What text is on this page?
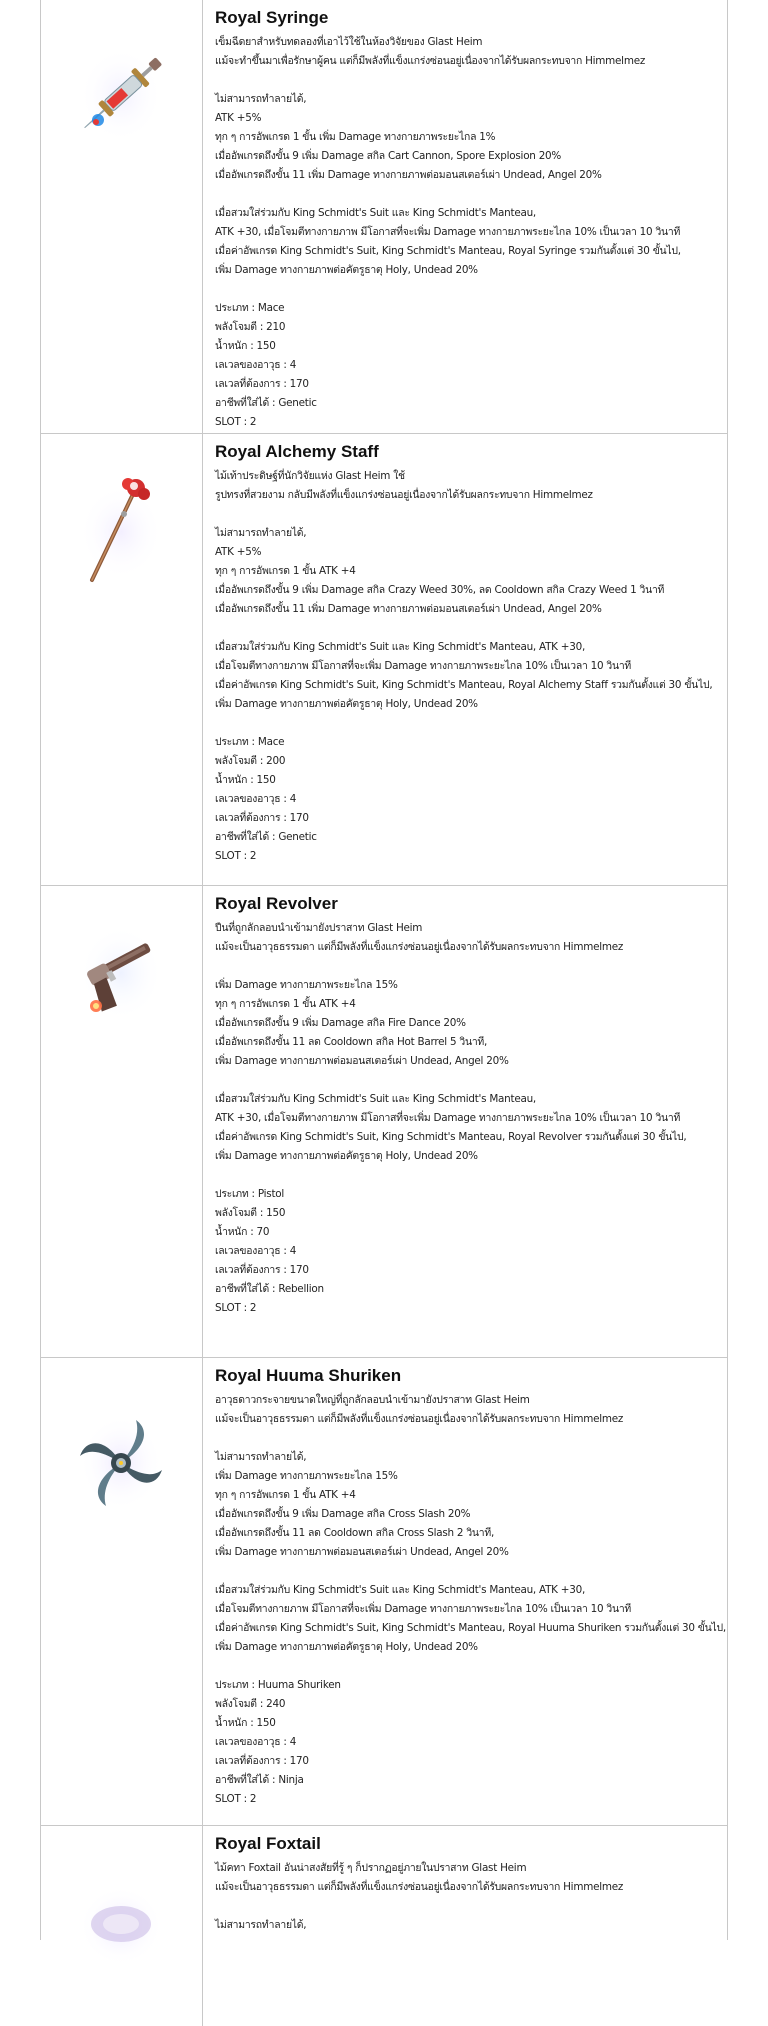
Royal Syringe
เข็มฉีดยาสำหรับทดลองที่เอาไว้ใช้ในห้องวิจัยของ Glast Heim
แม้จะทำขึ้นมาเพื่อรักษาผู้คน แต่ก็มีพลังที่แข็งแกร่งซ่อนอยู่เนื่องจากได้รับผลกระทบจาก Himmelmez
ไม่สามารถทำลายได้,
ATK +5%
ทุก ๆ การอัพเกรด 1 ขั้น เพิ่ม Damage ทางกายภาพระยะไกล 1%
เมื่ออัพเกรดถึงขั้น 9 เพิ่ม Damage สกิล Cart Cannon, Spore Explosion 20%
เมื่ออัพเกรดถึงขั้น 11 เพิ่ม Damage ทางกายภาพต่อมอนสเตอร์เผ่า Undead, Angel 20%
เมื่อสวมใส่ร่วมกับ King Schmidt's Suit และ King Schmidt's Manteau,
ATK +30, เมื่อโจมตีทางกายภาพ มีโอกาสที่จะเพิ่ม Damage ทางกายภาพระยะไกล 10% เป็นเวลา 10 วินาที
เมื่อค่าอัพเกรด King Schmidt's Suit, King Schmidt's Manteau, Royal Syringe รวมกันตั้งแต่ 30 ขั้นไป,
เพิ่ม Damage ทางกายภาพต่อคัตรูธาตุ Holy, Undead 20%
ประเภท : Mace
พลังโจมตี : 210
น้ำหนัก : 150
เลเวลของอาวุธ : 4
เลเวลที่ต้องการ : 170
อาชีพที่ใส่ได้ : Genetic
SLOT : 2
Royal Alchemy Staff
ไม้เท้าประดิษฐ์ที่นักวิจัยแห่ง Glast Heim ใช้
รูปทรงที่สวยงาม กลับมีพลังที่แข็งแกร่งซ่อนอยู่เนื่องจากได้รับผลกระทบจาก Himmelmez
ไม่สามารถทำลายได้,
ATK +5%
ทุก ๆ การอัพเกรด 1 ขั้น ATK +4
เมื่ออัพเกรดถึงขั้น 9 เพิ่ม Damage สกิล Crazy Weed 30%, ลด Cooldown สกิล Crazy Weed 1 วินาที
เมื่ออัพเกรดถึงขั้น 11 เพิ่ม Damage ทางกายภาพต่อมอนสเตอร์เผ่า Undead, Angel 20%
เมื่อสวมใส่ร่วมกับ King Schmidt's Suit และ King Schmidt's Manteau, ATK +30,
เมื่อโจมตีทางกายภาพ มีโอกาสที่จะเพิ่ม Damage ทางกายภาพระยะไกล 10% เป็นเวลา 10 วินาที
เมื่อค่าอัพเกรด King Schmidt's Suit, King Schmidt's Manteau, Royal Alchemy Staff รวมกันตั้งแต่ 30 ขั้นไป,
เพิ่ม Damage ทางกายภาพต่อคัตรูธาตุ Holy, Undead 20%
ประเภท : Mace
พลังโจมตี : 200
น้ำหนัก : 150
เลเวลของอาวุธ : 4
เลเวลที่ต้องการ : 170
อาชีพที่ใส่ได้ : Genetic
SLOT : 2
Royal Revolver
ปืนที่ถูกลักลอบนำเข้ามายังปราสาท Glast Heim
แม้จะเป็นอาวุธธรรมดา แต่ก็มีพลังที่แข็งแกร่งซ่อนอยู่เนื่องจากได้รับผลกระทบจาก Himmelmez
เพิ่ม Damage ทางกายภาพระยะไกล 15%
ทุก ๆ การอัพเกรด 1 ขั้น ATK +4
เมื่ออัพเกรดถึงขั้น 9 เพิ่ม Damage สกิล Fire Dance 20%
เมื่ออัพเกรดถึงขั้น 11 ลด Cooldown สกิล Hot Barrel 5 วินาที,
เพิ่ม Damage ทางกายภาพต่อมอนสเตอร์เผ่า Undead, Angel 20%
เมื่อสวมใส่ร่วมกับ King Schmidt's Suit และ King Schmidt's Manteau,
ATK +30, เมื่อโจมตีทางกายภาพ มีโอกาสที่จะเพิ่ม Damage ทางกายภาพระยะไกล 10% เป็นเวลา 10 วินาที
เมื่อค่าอัพเกรด King Schmidt's Suit, King Schmidt's Manteau, Royal Revolver รวมกันตั้งแต่ 30 ขั้นไป,
เพิ่ม Damage ทางกายภาพต่อคัตรูธาตุ Holy, Undead 20%
ประเภท : Pistol
พลังโจมตี : 150
น้ำหนัก : 70
เลเวลของอาวุธ : 4
เลเวลที่ต้องการ : 170
อาชีพที่ใส่ได้ : Rebellion
SLOT : 2
Royal Huuma Shuriken
อาวุธดาวกระจายขนาดใหญ่ที่ถูกลักลอบนำเข้ามายังปราสาท Glast Heim
แม้จะเป็นอาวุธธรรมดา แต่ก็มีพลังที่แข็งแกร่งซ่อนอยู่เนื่องจากได้รับผลกระทบจาก Himmelmez
ไม่สามารถทำลายได้,
เพิ่ม Damage ทางกายภาพระยะไกล 15%
ทุก ๆ การอัพเกรด 1 ขั้น ATK +4
เมื่ออัพเกรดถึงขั้น 9 เพิ่ม Damage สกิล Cross Slash 20%
เมื่ออัพเกรดถึงขั้น 11 ลด Cooldown สกิล Cross Slash 2 วินาที,
เพิ่ม Damage ทางกายภาพต่อมอนสเตอร์เผ่า Undead, Angel 20%
เมื่อสวมใส่ร่วมกับ King Schmidt's Suit และ King Schmidt's Manteau, ATK +30,
เมื่อโจมตีทางกายภาพ มีโอกาสที่จะเพิ่ม Damage ทางกายภาพระยะไกล 10% เป็นเวลา 10 วินาที
เมื่อค่าอัพเกรด King Schmidt's Suit, King Schmidt's Manteau, Royal Huuma Shuriken รวมกันตั้งแต่ 30 ขั้นไป,
เพิ่ม Damage ทางกายภาพต่อคัตรูธาตุ Holy, Undead 20%
ประเภท : Huuma Shuriken
พลังโจมตี : 240
น้ำหนัก : 150
เลเวลของอาวุธ : 4
เลเวลที่ต้องการ : 170
อาชีพที่ใส่ได้ : Ninja
SLOT : 2
Royal Foxtail
ไม้คทา Foxtail อันน่าสงสัยที่รู้ ๆ ก็ปรากฏอยู่ภายในปราสาท Glast Heim
แม้จะเป็นอาวุธธรรมดา แต่ก็มีพลังที่แข็งแกร่งซ่อนอยู่เนื่องจากได้รับผลกระทบจาก Himmelmez
ไม่สามารถทำลายได้,
